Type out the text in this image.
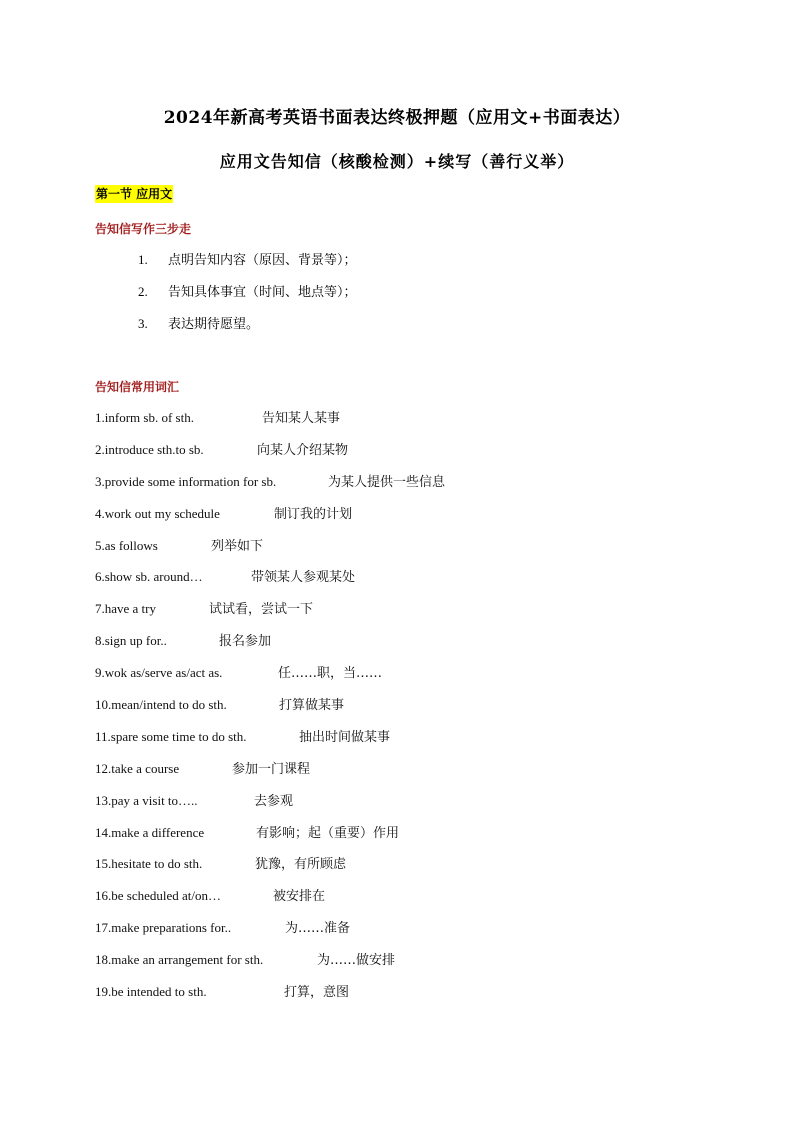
2024年新高考英语书面表达终极押题（应用文+书面表达）
应用文告知信（核酸检测）+续写（善行义举）
第一节 应用文
告知信写作三步走
1. 点明告知内容（原因、背景等）；
2. 告知具体事宜（时间、地点等）；
3. 表达期待愿望。
告知信常用词汇
1.inform sb. of sth.	告知某人某事
2.introduce sth.to sb.	向某人介绍某物
3.provide some information for sb.	为某人提供一些信息
4.work out my schedule	制订我的计划
5.as follows	列举如下
6.show sb. around…	带领某人参观某处
7.have a try	试试看，尝试一下
8.sign up for..	报名参加
9.wok as/serve as/act as.	任……职，当……
10.mean/intend to do sth.	打算做某事
11.spare some time to do sth.	抽出时间做某事
12.take a course	参加一门课程
13.pay a visit to…..	去参观
14.make a difference	有影响；起（重要）作用
15.hesitate to do sth.	犹豫，有所顾虑
16.be scheduled at/on…	被安排在
17.make preparations for..	为……准备
18.make an arrangement for sth.	为……做安排
19.be intended to sth.	打算，意图
